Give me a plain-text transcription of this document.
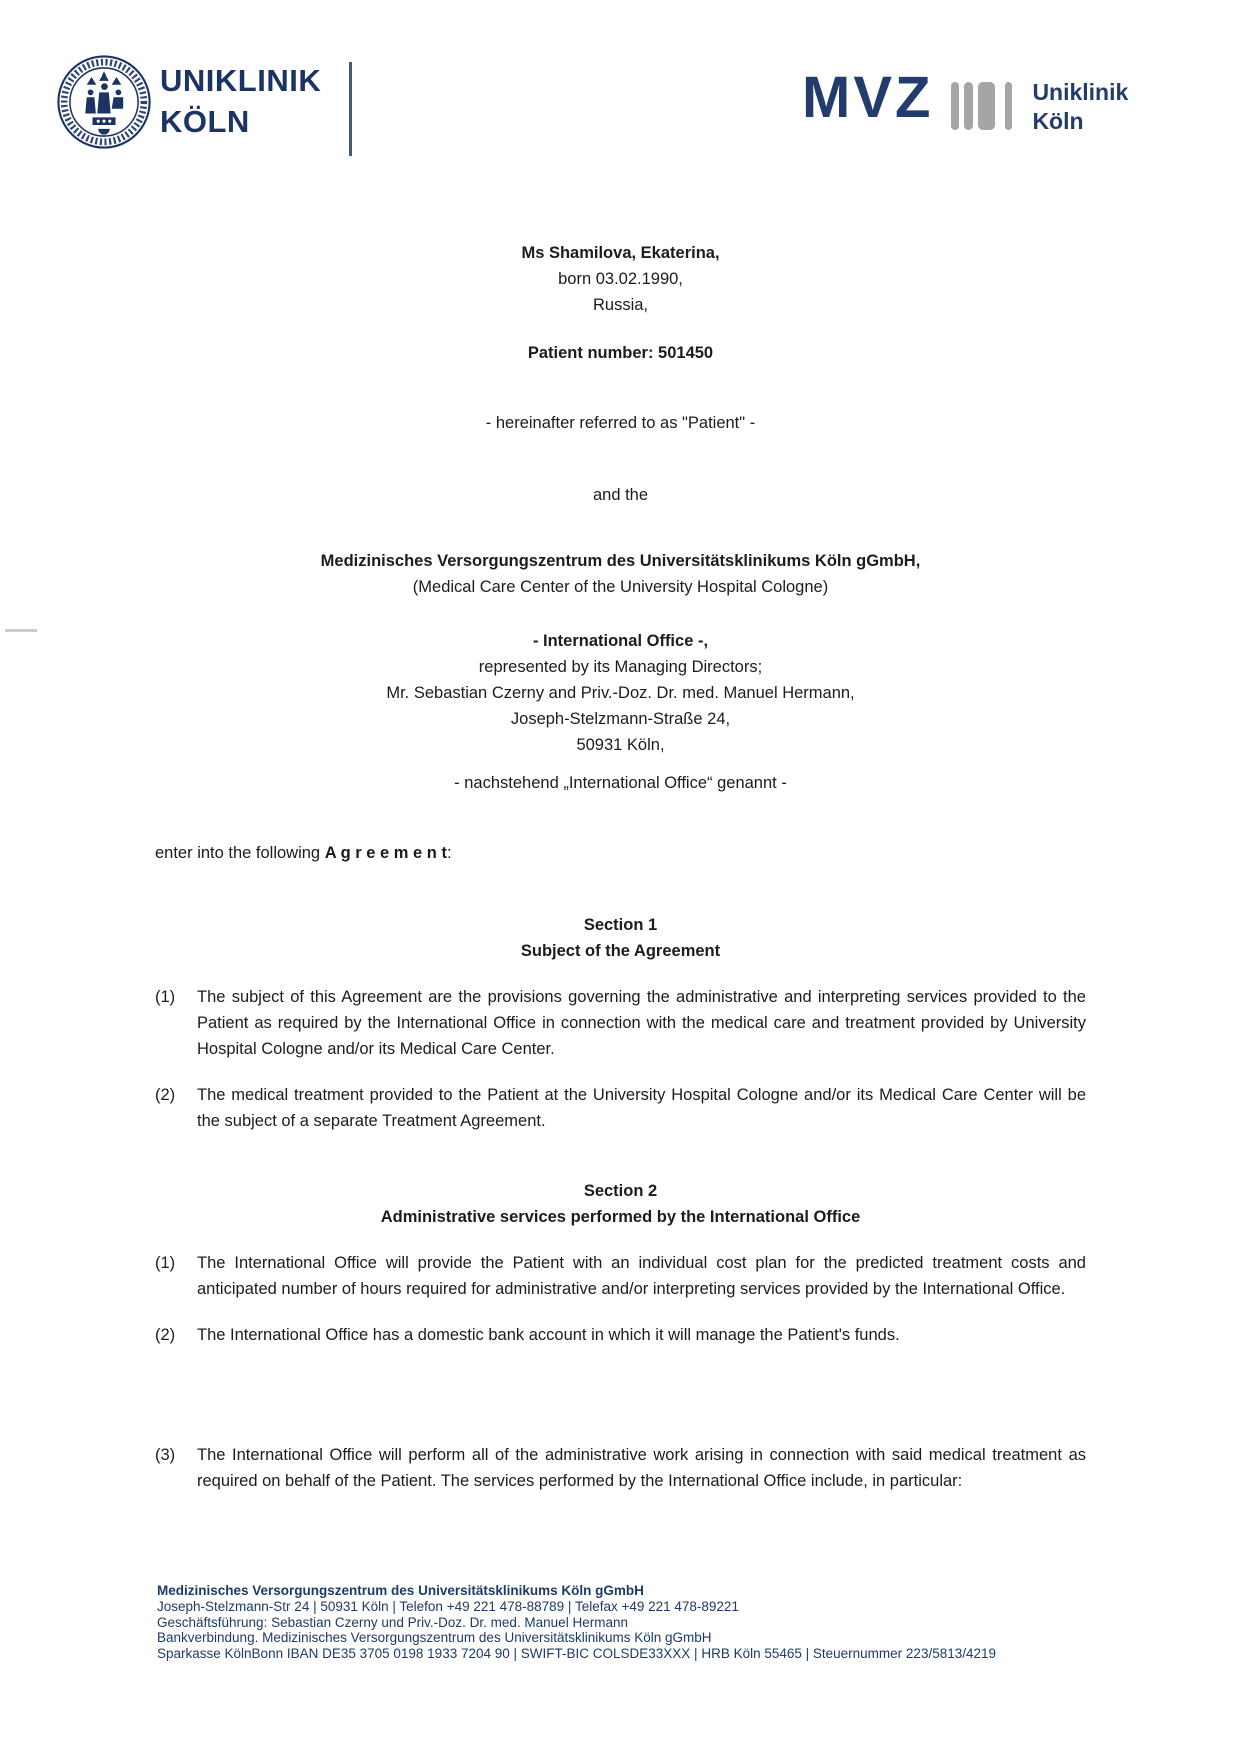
UNIKLINIK
KÖLN	MVZ	Uniklinik
Köln
Ms Shamilova, Ekaterina,
born 03.02.1990,
Russia,
Patient number: 501450
- hereinafter referred to as "Patient" -
and the
Medizinisches Versorgungszentrum des Universitätsklinikums Köln gGmbH,
(Medical Care Center of the University Hospital Cologne)
- International Office -,
represented by its Managing Directors;
Mr. Sebastian Czerny and Priv.-Doz. Dr. med. Manuel Hermann,
Joseph-Stelzmann-Straße 24,
50931 Köln,
- nachstehend „International Office“ genannt -
enter into the following A g r e e m e n t:
Section 1
Subject of the Agreement
(1)	The subject of this Agreement are the provisions governing the administrative and interpreting services provided to the Patient as required by the International Office in connection with the medical care and treatment provided by University Hospital Cologne and/or its Medical Care Center.
(2)	The medical treatment provided to the Patient at the University Hospital Cologne and/or its Medical Care Center will be the subject of a separate Treatment Agreement.
Section 2
Administrative services performed by the International Office
(1)	The International Office will provide the Patient with an individual cost plan for the predicted treatment costs and anticipated number of hours required for administrative and/or interpreting services provided by the International Office.
(2)	The International Office has a domestic bank account in which it will manage the Patient's funds.
(3)	The International Office will perform all of the administrative work arising in connection with said medical treatment as required on behalf of the Patient. The services performed by the International Office include, in particular:
Medizinisches Versorgungszentrum des Universitätsklinikums Köln gGmbH
Joseph-Stelzmann-Str 24 | 50931 Köln | Telefon +49 221 478-88789 | Telefax +49 221 478-89221
Geschäftsführung: Sebastian Czerny und Priv.-Doz. Dr. med. Manuel Hermann
Bankverbindung. Medizinisches Versorgungszentrum des Universitätsklinikums Köln gGmbH
Sparkasse KölnBonn IBAN DE35 3705 0198 1933 7204 90 | SWIFT-BIC COLSDE33XXX | HRB Köln 55465 | Steuernummer 223/5813/4219
